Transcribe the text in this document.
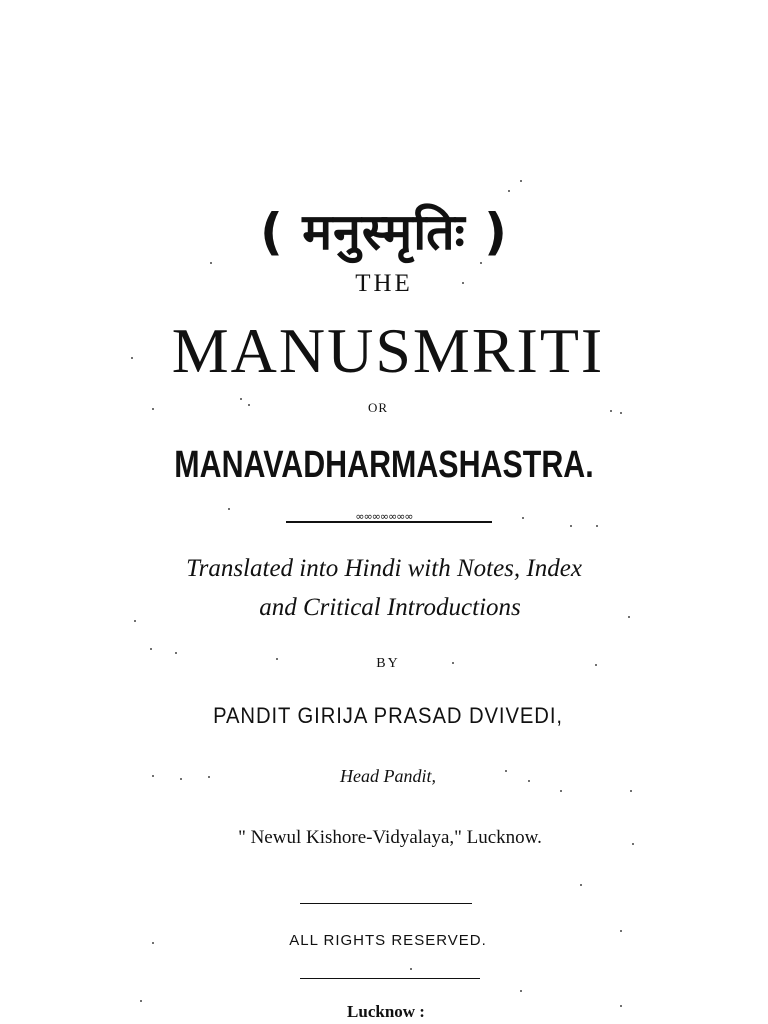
( मनुस्मृतिः )
THE
MANUSMRITI
OR
MANAVADHARMASHASTRA.
∞∞∞∞∞∞∞
Translated into Hindi with Notes, Index
and Critical Introductions
BY
PANDIT GIRIJA PRASAD DVIVEDI,
Head Pandit,
" Newul Kishore-Vidyalaya," Lucknow.
ALL RIGHTS RESERVED.
Lucknow :
